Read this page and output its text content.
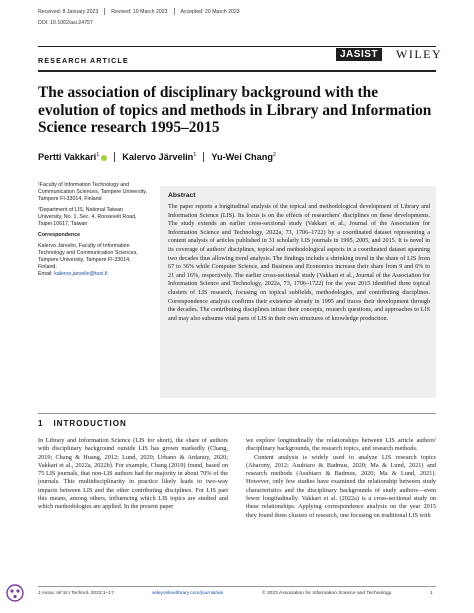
Received: 8 January 2023	Revised: 10 March 2023	Accepted: 20 March 2023
DOI: 10.1002/asi.24757
RESEARCH ARTICLE
JASIST	WILEY
The association of disciplinary background with the evolution of topics and methods in Library and Information Science research 1995–2015
Pertti Vakkari$^1$	Kalervo Järvelin$^1$ Yu-Wei Chang$^2$

¹Faculty of Information Technology and Communication Sciences, Tampere University, Tampere FI-33014, Finland

²Department of LIS, National Taiwan University, No. 1, Sec. 4, Roosevelt Road, Taipei 10617, Taiwan

Correspondence

Kalervo Järvelin, Faculty of Information Technology and Communication Sciences, Tampere University, Tampere FI-33014, Finland.
Email: kalervo.jarvelin@tuni.fi

Abstract
The paper reports a longitudinal analysis of the topical and methodological development of Library and Information Science (LIS). Its focus is on the effects of researchers' disciplines on these developments. The study extends an earlier cross-sectional study (Vakkari et al., Journal of the Association for Information Science and Technology, 2022a, 73, 1706–1722) by a coordinated dataset representing a content analysis of articles published in 31 scholarly LIS journals in 1995, 2005, and 2015. It is novel in its coverage of authors' disciplines, topical and methodological aspects in a coordinated dataset spanning two decades thus allowing trend analysis. The findings include a shrinking trend in the share of LIS from 67 to 36% while Computer Science, and Business and Economics increase their share from 9 and 6% to 21 and 16%, respectively. The earlier cross-sectional study (Vakkari et al., Journal of the Association for Information Science and Technology, 2022a, 73, 1706–1722) for the year 2015 identified three topical clusters of LIS research, focusing on topical subfields, methodologies, and contributing disciplines. Correspondence analysis confirms their existence already in 1995 and traces their development through the decades. The contributing disciplines infuse their concepts, research questions, and approaches to LIS and may also subsume vital parts of LIS in their own structures of knowledge production.
1 INTRODUCTION

In Library and Information Science (LIS for short), the share of authors with disciplinary background outside LIS has grown markedly (Chang, 2019; Chang & Huang, 2012; Lund, 2020; Urbano & Ardanuy, 2020; Vakkari et al., 2022a, 2022b). For example, Chang (2019) found, based on 75 LIS journals, that non-LIS authors had the majority in about 70% of the journals. This multidisciplinarity in practice likely leads to two-way impacts between LIS and the other contributing disciplines. For LIS part this means, among others, influencing which LIS topics are studied and which methodologies are applied. In the present paper

we explore longitudinally the relationships between LIS article authors' disciplinary backgrounds, the research topics, and research methods.

Content analysis is widely used to analyze LIS research topics (Aharony, 2012; Asubiaro & Badmus, 2020; Ma & Lund, 2021) and research methods (Asubiaro & Badmus, 2020; Ma & Lund, 2021). However, only few studies have examined the relationship between study characteristics and the disciplinary backgrounds of study authors—even fewer longitudinally. Vakkari et al. (2022a) is a cross-sectional study on these relationships. Applying correspondence analysis on the year 2015 they found three clusters of research, one focusing on traditional LIS with

J Assoc Inf Sci Technol. 2023;1–17.	wileyonlinelibrary.com/journal/asi	© 2023 Association for Information Science and Technology.	1
